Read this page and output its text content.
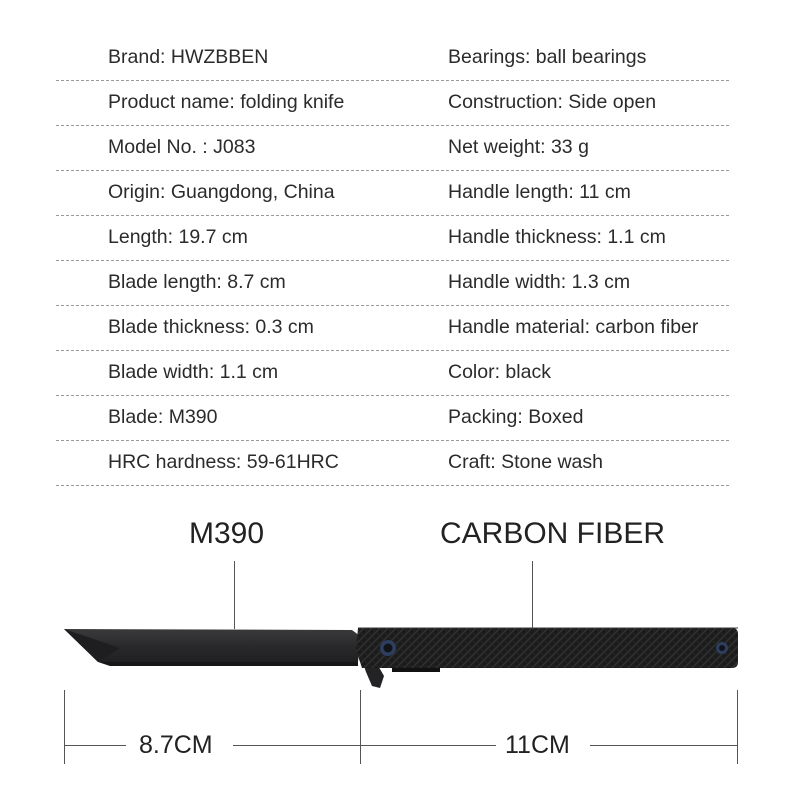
Brand: HWZBBEN	Bearings: ball bearings
Product name: folding knife	Construction: Side open
Model No. : J083	Net weight: 33 g
Origin: Guangdong, China	Handle length: 11 cm
Length: 19.7 cm	Handle thickness: 1.1 cm
Blade length: 8.7 cm	Handle width: 1.3 cm
Blade thickness: 0.3 cm	Handle material: carbon fiber
Blade width: 1.1 cm	Color: black
Blade: M390	Packing: Boxed
HRC hardness: 59-61HRC	Craft: Stone wash
M390	CARBON FIBER
8.7CM	11CM
